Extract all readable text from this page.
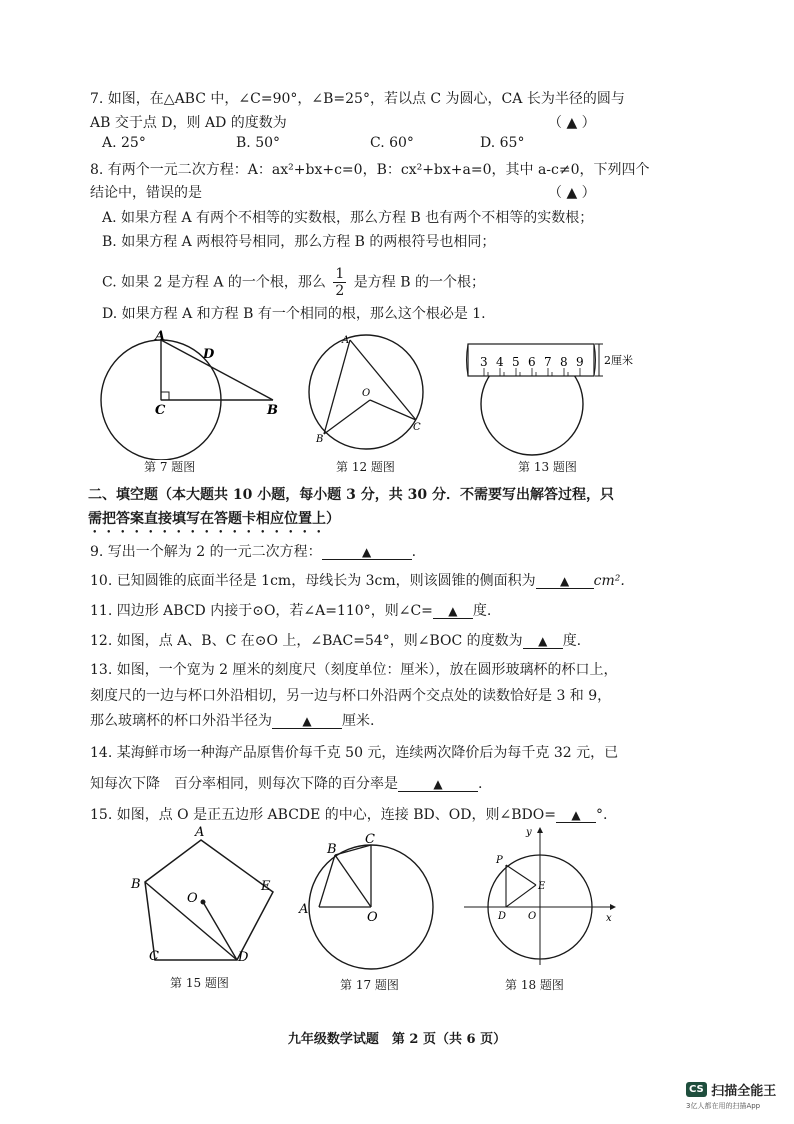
7. 如图，在△ABC 中，∠C=90°，∠B=25°，若以点 C 为圆心，CA 长为半径的圆与
AB 交于点 D，则 AD 的度数为	（ ▲ ）
A. 25°	B. 50°	C. 60°	D. 65°
8. 有两个一元二次方程：A：ax²+bx+c=0，B：cx²+bx+a=0，其中 a-c≠0，下列四个
结论中，错误的是	（ ▲ ）
A. 如果方程 A 有两个不相等的实数根，那么方程 B 也有两个不相等的实数根；
B. 如果方程 A 两根符号相同，那么方程 B 的两根符号也相同；
C. 如果 2 是方程 A 的一个根，那么 $\frac{1}{2}$ 是方程 B 的一个根；
D. 如果方程 A 和方程 B 有一个相同的根，那么这个根必是 1.
A
D
C	B
第 7 题图
A
O
B
C
第 12 题图
3 4 5 6 7 8 9 2厘米
第 13 题图
二、填空题（本大题共 10 小题，每小题 3 分，共 30 分．不需要写出解答过程，只
需把答案直接填写在答题卡相应位置上）
9. 写出一个解为 2 的一元二次方程：	▲	.
10. 已知圆锥的底面半径是 1cm，母线长为 3cm，则该圆锥的侧面积为 ▲ cm².
11. 四边形 ABCD 内接于⊙O，若∠A=110°，则∠C= ▲ 度.
12. 如图，点 A、B、C 在⊙O 上，∠BAC=54°，则∠BOC 的度数为 ▲ 度.
13. 如图，一个宽为 2 厘米的刻度尺（刻度单位：厘米），放在圆形玻璃杯的杯口上，
刻度尺的一边与杯口外沿相切，另一边与杯口外沿两个交点处的读数恰好是 3 和 9，
那么玻璃杯的杯口外沿半径为	▲ 厘米.
14. 某海鲜市场一种海产品原售价每千克 50 元，连续两次降价后为每千克 32 元，已
知每次下降　百分率相同，则每次下降的百分率是	▲	.
15. 如图，点 O 是正五边形 ABCDE 的中心，连接 BD、OD，则∠BDO= ▲ °.
A
B	E
O
C	D
第 15 题图
C
B
A
O
第 17 题图
y
x
P
E
D O
第 18 题图
九年级数学试题　第 2 页（共 6 页）
CS 扫描全能王
3亿人都在用的扫描App
